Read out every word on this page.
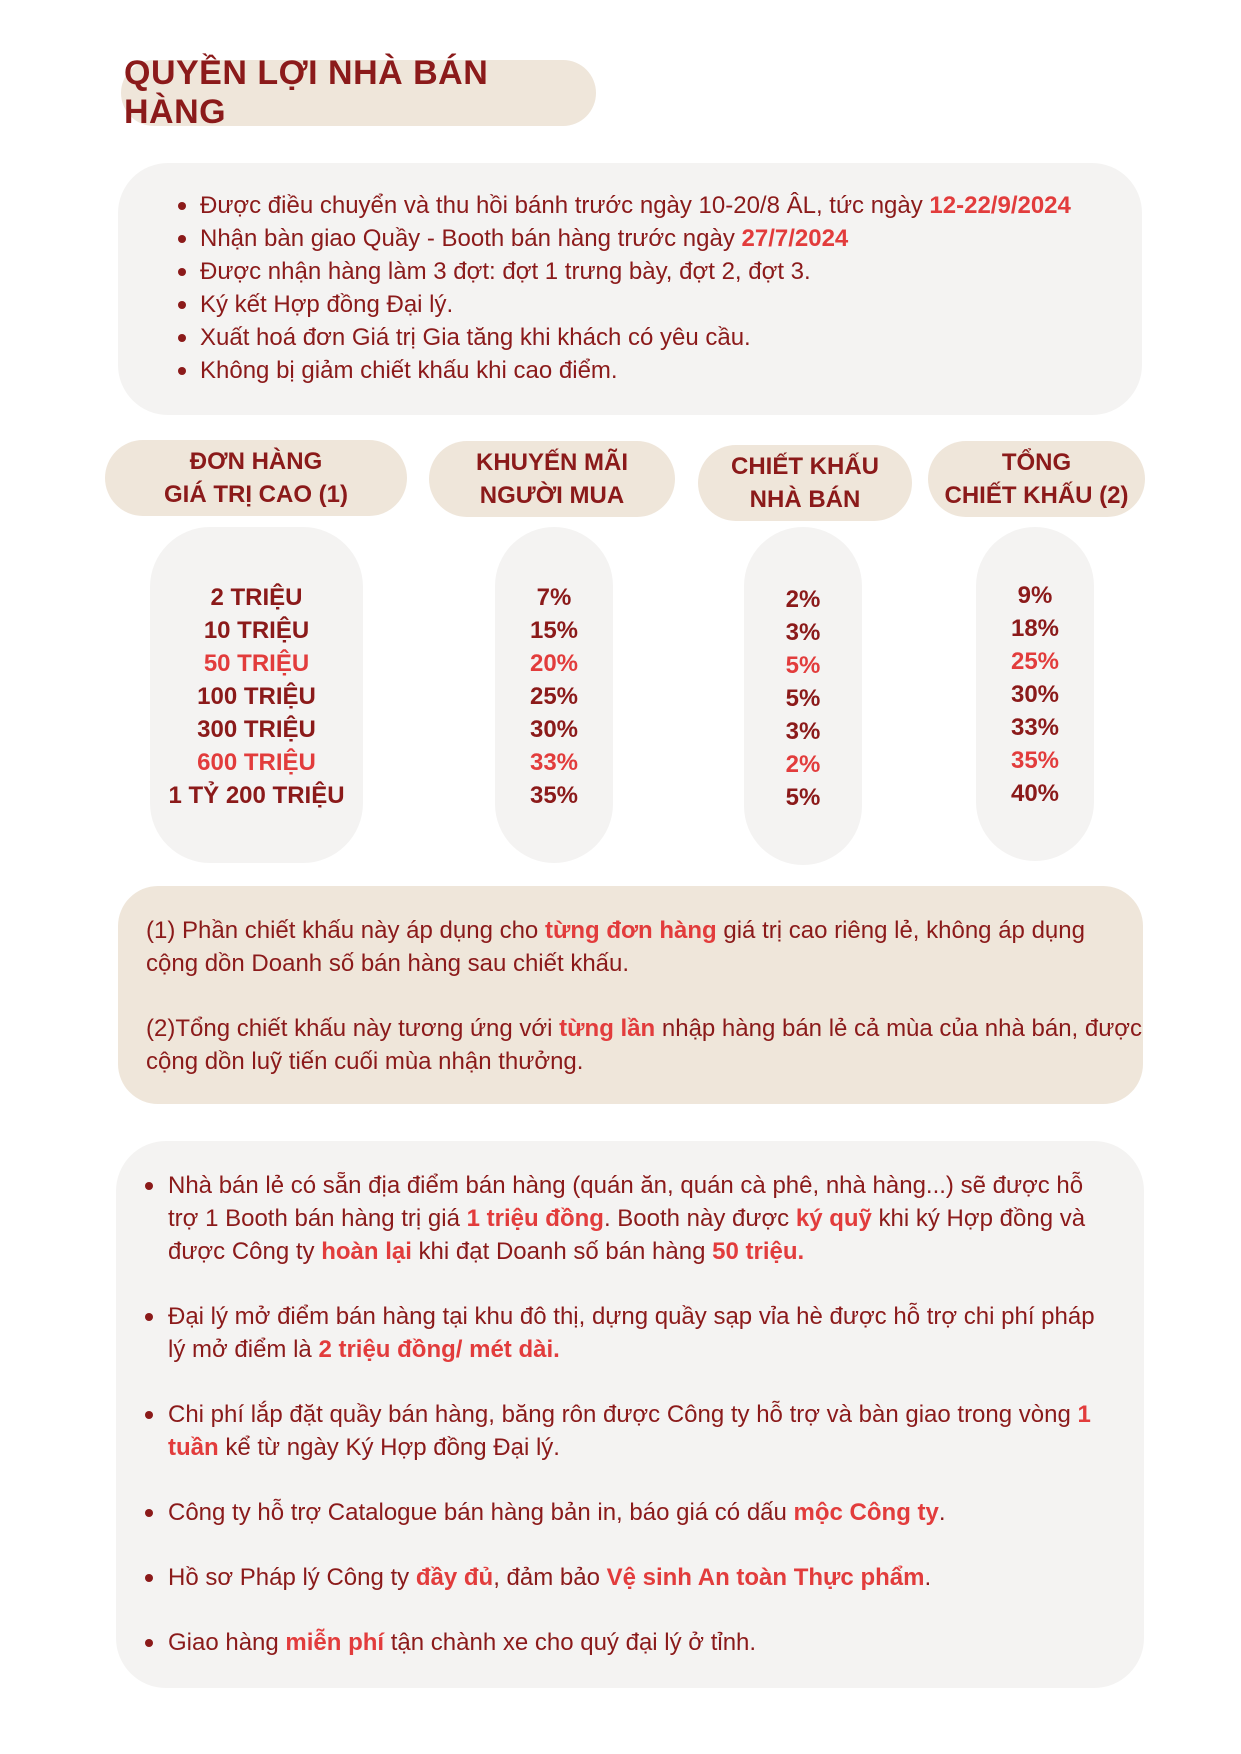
QUYỀN LỢI NHÀ BÁN HÀNG
Được điều chuyển và thu hồi bánh trước ngày 10-20/8 ÂL, tức ngày 12-22/9/2024
Nhận bàn giao Quầy - Booth bán hàng trước ngày 27/7/2024
Được nhận hàng làm 3 đợt: đợt 1 trưng bày, đợt 2, đợt 3.
Ký kết Hợp đồng Đại lý.
Xuất hoá đơn Giá trị Gia tăng khi khách có yêu cầu.
Không bị giảm chiết khấu khi cao điểm.
ĐƠN HÀNG
GIÁ TRỊ CAO (1)
KHUYẾN MÃI
NGƯỜI MUA
CHIẾT KHẤU
NHÀ BÁN
TỔNG
CHIẾT KHẤU (2)
2 TRIỆU
10 TRIỆU
50 TRIỆU
100 TRIỆU
300 TRIỆU
600 TRIỆU
1 TỶ 200 TRIỆU
7%
15%
20%
25%
30%
33%
35%
2%
3%
5%
5%
3%
2%
5%
9%
18%
25%
30%
33%
35%
40%

(1) Phần chiết khấu này áp dụng cho từng đơn hàng giá trị cao riêng lẻ, không áp dụng cộng dồn Doanh số bán hàng sau chiết khấu.

(2)Tổng chiết khấu này tương ứng với từng lần nhập hàng bán lẻ cả mùa của nhà bán, được cộng dồn luỹ tiến cuối mùa nhận thưởng.

Nhà bán lẻ có sẵn địa điểm bán hàng (quán ăn, quán cà phê, nhà hàng...) sẽ được hỗ trợ 1 Booth bán hàng trị giá 1 triệu đồng. Booth này được ký quỹ khi ký Hợp đồng và được Công ty hoàn lại khi đạt Doanh số bán hàng 50 triệu.
Đại lý mở điểm bán hàng tại khu đô thị, dựng quầy sạp vỉa hè được hỗ trợ chi phí pháp lý mở điểm là 2 triệu đồng/ mét dài.
Chi phí lắp đặt quầy bán hàng, băng rôn được Công ty hỗ trợ và bàn giao trong vòng 1 tuần kể từ ngày Ký Hợp đồng Đại lý.
Công ty hỗ trợ Catalogue bán hàng bản in, báo giá có dấu mộc Công ty.
Hồ sơ Pháp lý Công ty đầy đủ, đảm bảo Vệ sinh An toàn Thực phẩm.
Giao hàng miễn phí tận chành xe cho quý đại lý ở tỉnh.
